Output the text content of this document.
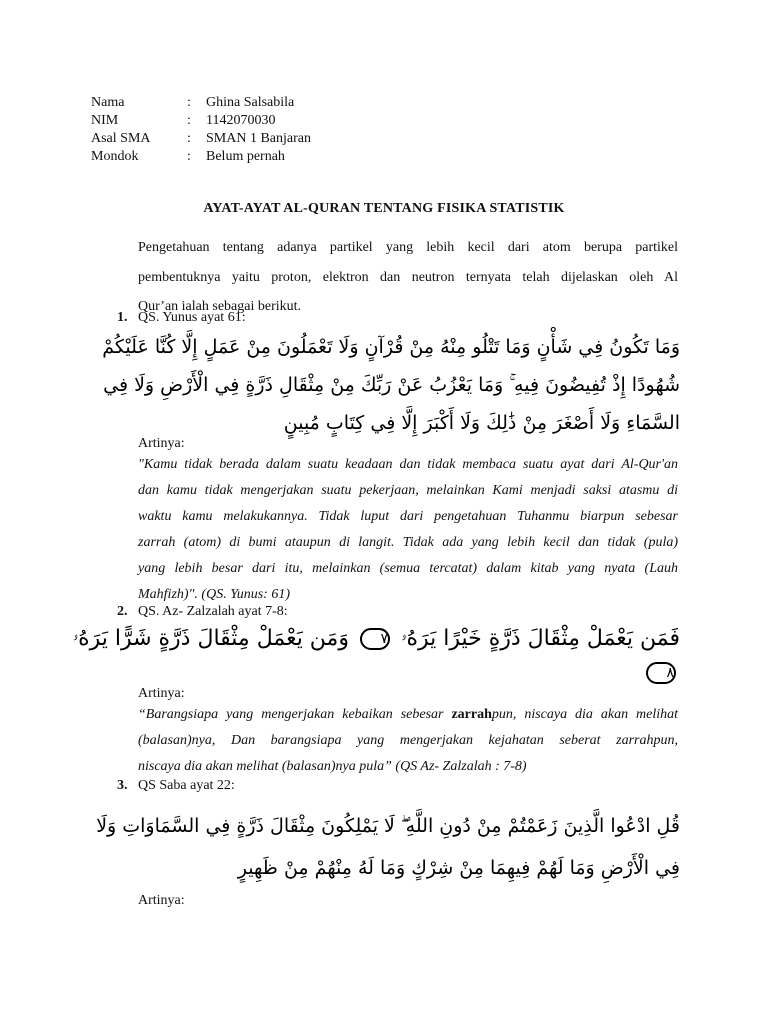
Nama	:	Ghina Salsabila
NIM	:	1142070030
Asal SMA	:	SMAN 1 Banjaran
Mondok	:	Belum pernah
AYAT-AYAT AL-QURAN TENTANG FISIKA STATISTIK
Pengetahuan tentang adanya partikel yang lebih kecil dari atom berupa partikel
pembentuknya yaitu proton, elektron dan neutron ternyata telah dijelaskan oleh Al
Qur’an ialah sebagai berikut.
1. QS. Yunus ayat 61:
وَمَا تَكُونُ فِي شَأْنٍ وَمَا تَتْلُو مِنْهُ مِنْ قُرْآنٍ وَلَا تَعْمَلُونَ مِنْ عَمَلٍ إِلَّا كُنَّا عَلَيْكُمْ
شُهُودًا إِذْ تُفِيضُونَ فِيهِ ۚ وَمَا يَعْزُبُ عَنْ رَبِّكَ مِنْ مِثْقَالِ ذَرَّةٍ فِي الْأَرْضِ وَلَا فِي
السَّمَاءِ وَلَا أَصْغَرَ مِنْ ذَٰلِكَ وَلَا أَكْبَرَ إِلَّا فِي كِتَابٍ مُبِينٍ
Artinya:
"Kamu tidak berada dalam suatu keadaan dan tidak membaca suatu ayat dari Al-Qur'an
dan kamu tidak mengerjakan suatu pekerjaan, melainkan Kami menjadi saksi atasmu di
waktu kamu melakukannya. Tidak luput dari pengetahuan Tuhanmu biarpun sebesar
zarrah (atom) di bumi ataupun di langit. Tidak ada yang lebih kecil dan tidak (pula)
yang lebih besar dari itu, melainkan (semua tercatat) dalam kitab yang nyata (Lauh
Mahfizh)". (QS. Yunus: 61)
2. QS. Az- Zalzalah ayat 7-8:
فَمَن يَعْمَلْ مِثْقَالَ ذَرَّةٍ خَيْرًا يَرَهُۥ ٧ وَمَن يَعْمَلْ مِثْقَالَ ذَرَّةٍ شَرًّا يَرَهُۥ
٨
Artinya:
“Barangsiapa yang mengerjakan kebaikan sebesar zarrahpun, niscaya dia akan melihat
(balasan)nya, Dan barangsiapa yang mengerjakan kejahatan seberat zarrahpun,
niscaya dia akan melihat (balasan)nya pula” (QS Az- Zalzalah : 7-8)
3. QS Saba ayat 22:
قُلِ ادْعُوا الَّذِينَ زَعَمْتُمْ مِنْ دُونِ اللَّهِ ۖ لَا يَمْلِكُونَ مِثْقَالَ ذَرَّةٍ فِي السَّمَاوَاتِ وَلَا
فِي الْأَرْضِ وَمَا لَهُمْ فِيهِمَا مِنْ شِرْكٍ وَمَا لَهُ مِنْهُمْ مِنْ ظَهِيرٍ
Artinya:
